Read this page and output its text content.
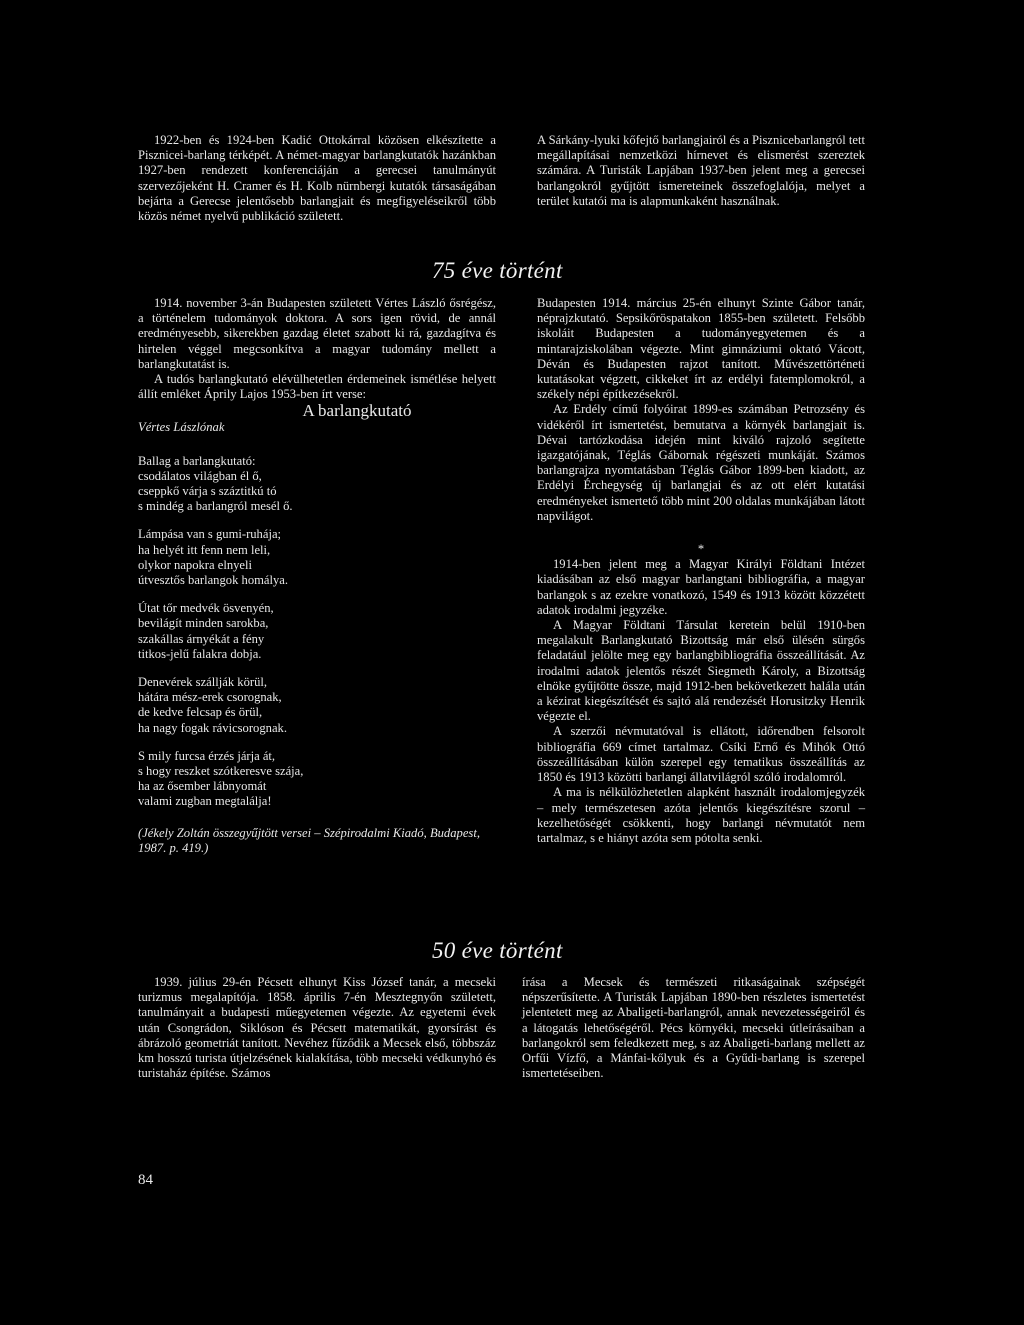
1922-ben és 1924-ben Kadić Ottokárral közösen elkészítette a Pisznicei-barlang térképét. A német-magyar barlangkutatók hazánkban 1927-ben rendezett konferenciáján a gerecsei tanulmányút szervezőjeként H. Cramer és H. Kolb nürnbergi kutatók társaságában bejárta a Gerecse jelentősebb barlangjait és megfigyeléseikről több közös német nyelvű publikáció született.

A Sárkány-lyuki kőfejtő barlangjairól és a Pisznicebarlangról tett megállapításai nemzetközi hírnevet és elismerést szereztek számára. A Turisták Lapjában 1937-ben jelent meg a gerecsei barlangokról gyűjtött ismereteinek összefoglalója, melyet a terület kutatói ma is alapmunkaként használnak.

75 éve történt

1914. november 3-án Budapesten született Vértes László ősrégész, a történelem tudományok doktora. A sors igen rövid, de annál eredményesebb, sikerekben gazdag életet szabott ki rá, gazdagítva és hirtelen véggel megcsonkítva a magyar tudomány mellett a barlangkutatást is.

A tudós barlangkutató elévülhetetlen érdemeinek ismétlése helyett állít emléket Áprily Lajos 1953-ben írt verse:

A barlangkutató

Vértes Lászlónak

Ballag a barlangkutató:
csodálatos világban él ő,
cseppkő várja s száztitkú tó
s mindég a barlangról mesél ő.
Lámpása van s gumi-ruhája;
ha helyét itt fenn nem leli,
olykor napokra elnyeli
útvesztős barlangok homálya.
Útat tőr medvék ösvenyén,
bevilágít minden sarokba,
szakállas árnyékát a fény
titkos-jelű falakra dobja.
Denevérek szállják körül,
hátára mész-erek csorognak,
de kedve felcsap és örül,
ha nagy fogak rávicsorognak.
S mily furcsa érzés járja át,
s hogy reszket szótkeresve szája,
ha az ősember lábnyomát
valami zugban megtalálja!

(Jékely Zoltán összegyűjtött versei – Szépirodalmi Kiadó, Budapest, 1987. p. 419.)

Budapesten 1914. március 25-én elhunyt Szinte Gábor tanár, néprajzkutató. Sepsikőröspatakon 1855-ben született. Felsőbb iskoláit Budapesten a tudományegyetemen és a mintarajziskolában végezte. Mint gimnáziumi oktató Vácott, Déván és Budapesten rajzot tanított. Művészettörténeti kutatásokat végzett, cikkeket írt az erdélyi fatemplomokról, a székely népi építkezésekről.

Az Erdély című folyóirat 1899-es számában Petrozsény és vidékéről írt ismertetést, bemutatva a környék barlangjait is. Dévai tartózkodása idején mint kiváló rajzoló segítette igazgatójának, Téglás Gábornak régészeti munkáját. Számos barlangrajza nyomtatásban Téglás Gábor 1899-ben kiadott, az Erdélyi Érchegység új barlangjai és az ott elért kutatási eredményeket ismertető több mint 200 oldalas munkájában látott napvilágot.

*

1914-ben jelent meg a Magyar Királyi Földtani Intézet kiadásában az első magyar barlangtani bibliográfia, a magyar barlangok s az ezekre vonatkozó, 1549 és 1913 között közzétett adatok irodalmi jegyzéke.

A Magyar Földtani Társulat keretein belül 1910-ben megalakult Barlangkutató Bizottság már első ülésén sürgős feladatául jelölte meg egy barlangbibliográfia összeállítását. Az irodalmi adatok jelentős részét Siegmeth Károly, a Bizottság elnöke gyűjtötte össze, majd 1912-ben bekövetkezett halála után a kézirat kiegészítését és sajtó alá rendezését Horusitzky Henrik végezte el.

A szerzői névmutatóval is ellátott, időrendben felsorolt bibliográfia 669 címet tartalmaz. Csíki Ernő és Mihók Ottó összeállításában külön szerepel egy tematikus összeállítás az 1850 és 1913 közötti barlangi állatvilágról szóló irodalomról.

A ma is nélkülözhetetlen alapként használt irodalomjegyzék – mely természetesen azóta jelentős kiegészítésre szorul – kezelhetőségét csökkenti, hogy barlangi névmutatót nem tartalmaz, s e hiányt azóta sem pótolta senki.

50 éve történt

1939. július 29-én Pécsett elhunyt Kiss József tanár, a mecseki turizmus megalapítója. 1858. április 7-én Mesztegnyőn született, tanulmányait a budapesti műegyetemen végezte. Az egyetemi évek után Csongrádon, Siklóson és Pécsett matematikát, gyorsírást és ábrázoló geometriát tanított. Nevéhez fűződik a Mecsek első, többszáz km hosszú turista útjelzésének kialakítása, több mecseki védkunyhó és turistaház építése. Számos

írása a Mecsek és természeti ritkaságainak szépségét népszerűsítette. A Turisták Lapjában 1890-ben részletes ismertetést jelentetett meg az Abaligeti-barlangról, annak nevezetességeiről és a látogatás lehetőségéről. Pécs környéki, mecseki útleírásaiban a barlangokról sem feledkezett meg, s az Abaligeti-barlang mellett az Orfűi Vízfő, a Mánfai-kőlyuk és a Gyűdi-barlang is szerepel ismertetéseiben.

84
